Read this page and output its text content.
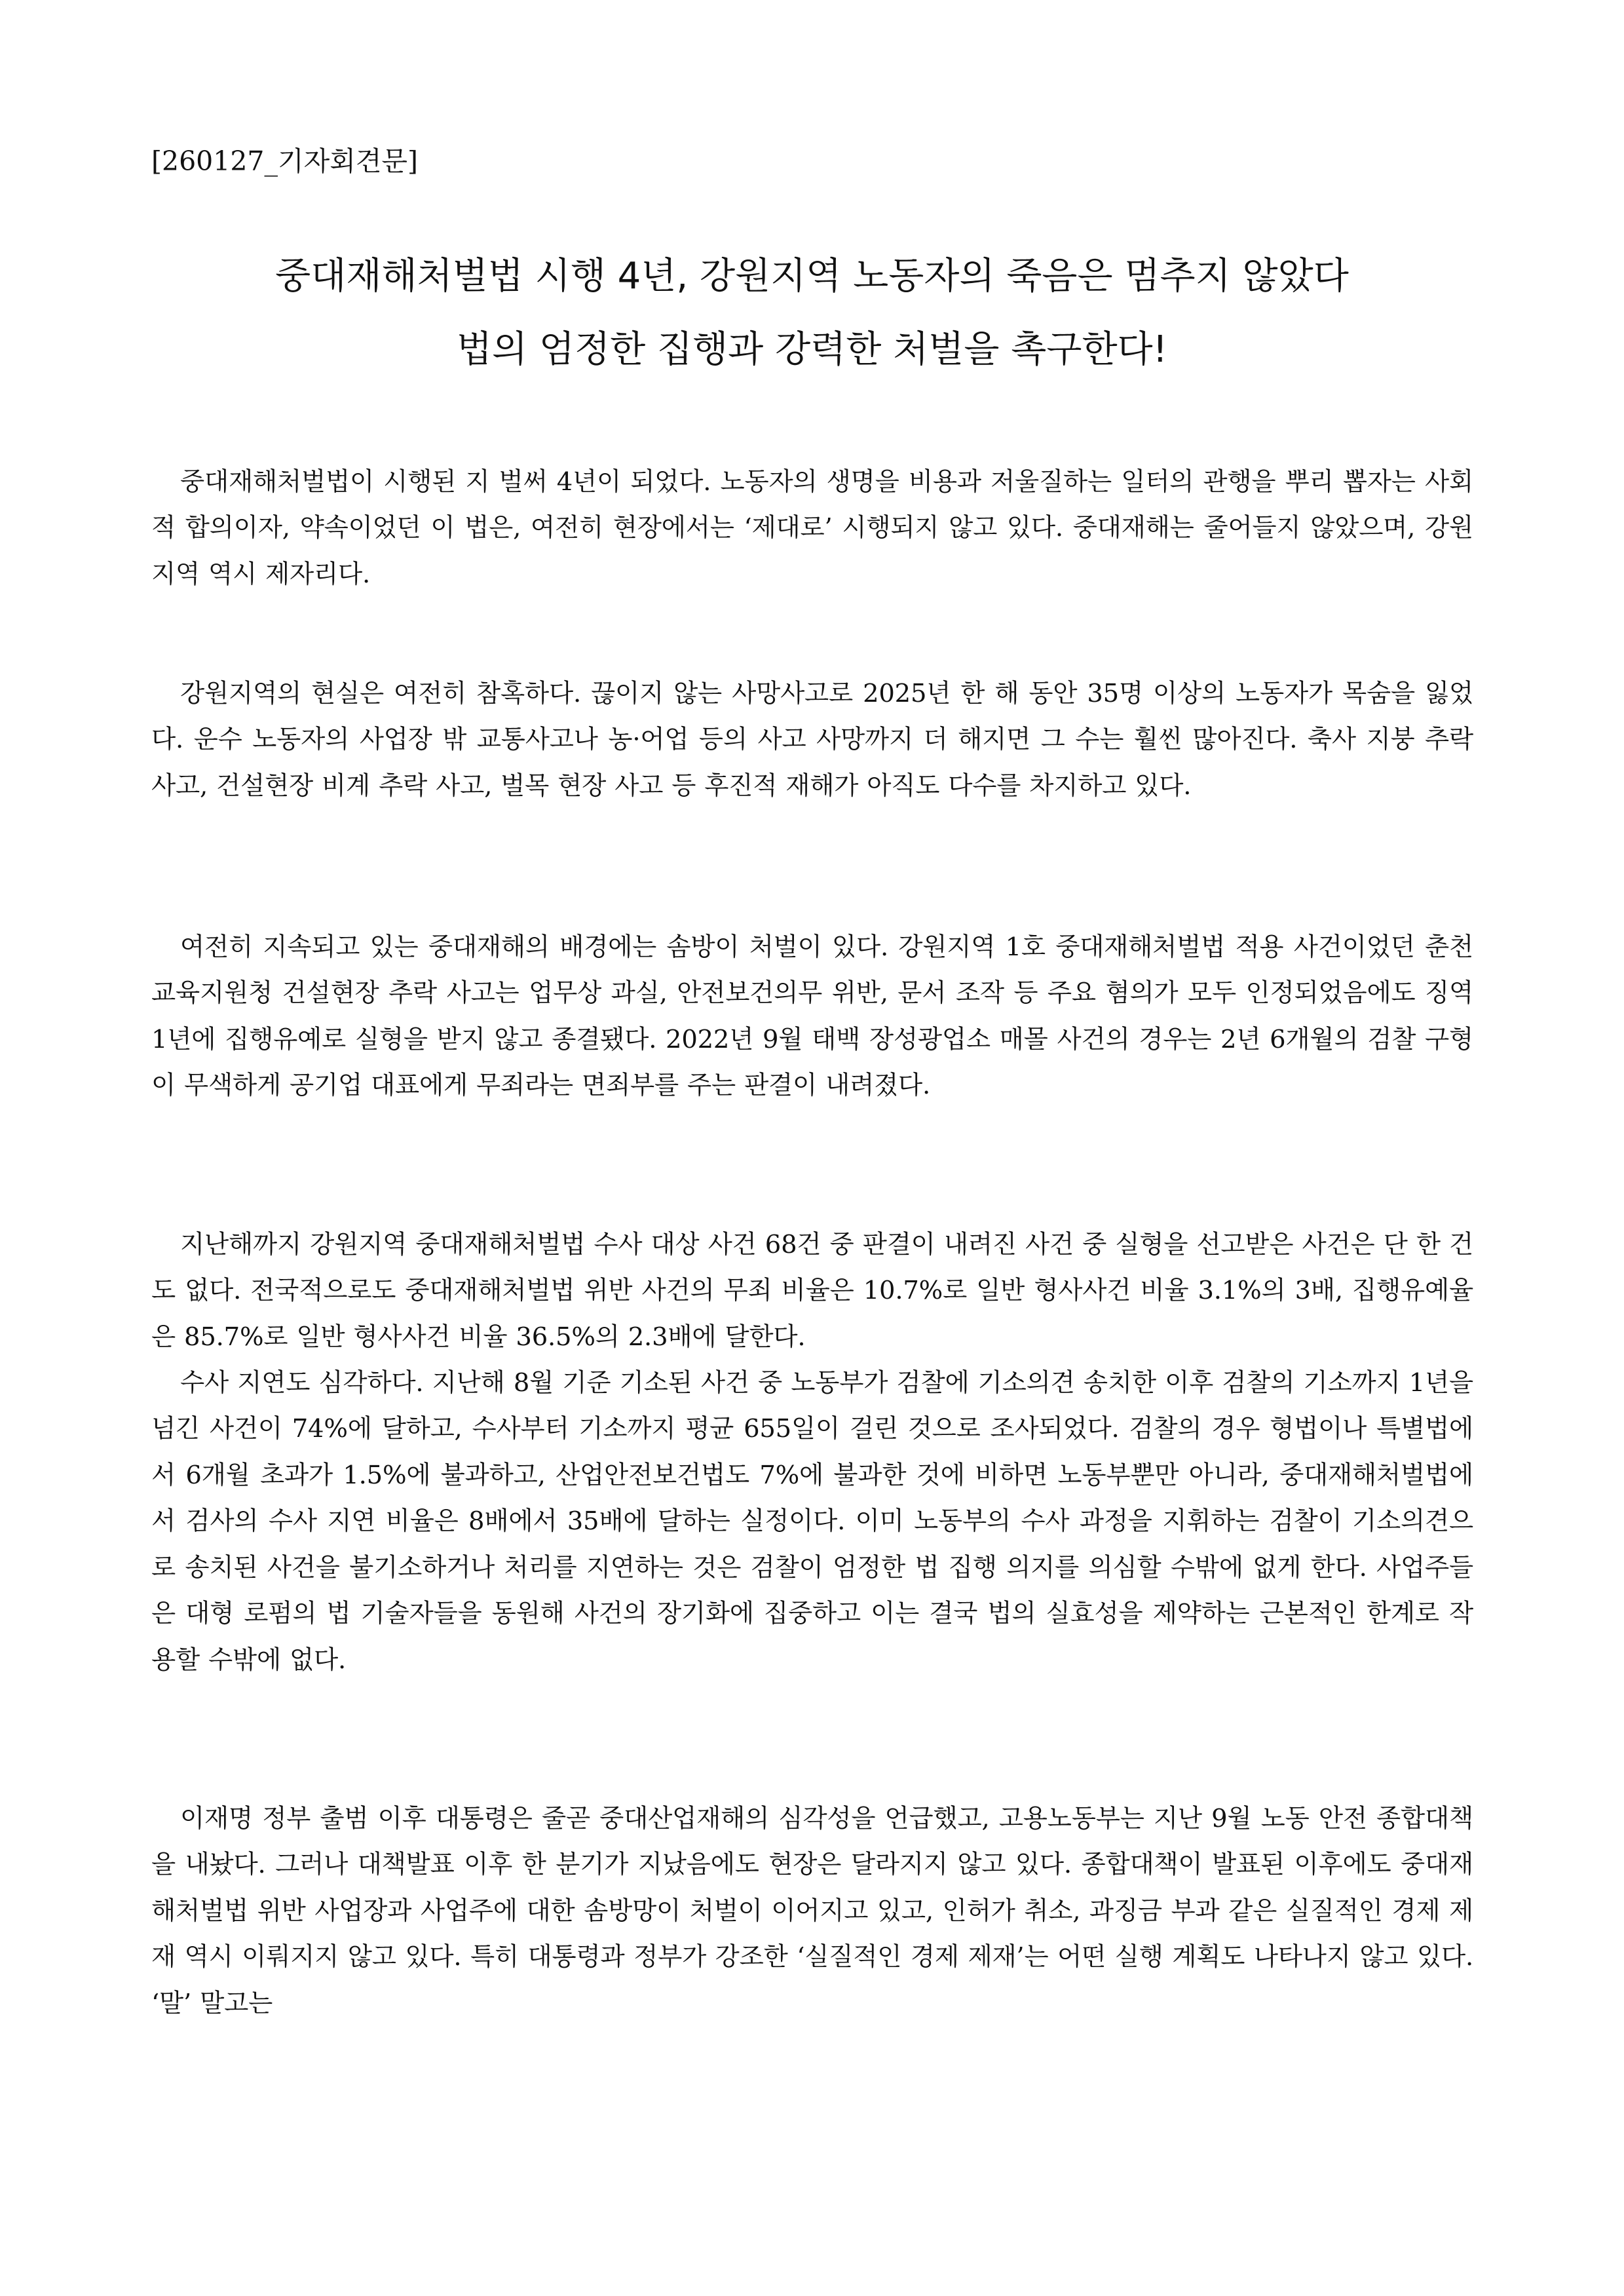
[260127_기자회견문]
중대재해처벌법 시행 4년, 강원지역 노동자의 죽음은 멈추지 않았다
법의 엄정한 집행과 강력한 처벌을 촉구한다!

중대재해처벌법이 시행된 지 벌써 4년이 되었다. 노동자의 생명을 비용과 저울질하는 일터의 관행을 뿌리 뽑자는 사회적 합의이자, 약속이었던 이 법은, 여전히 현장에서는 ‘제대로’ 시행되지 않고 있다. 중대재해는 줄어들지 않았으며, 강원지역 역시 제자리다.

강원지역의 현실은 여전히 참혹하다. 끊이지 않는 사망사고로 2025년 한 해 동안 35명 이상의 노동자가 목숨을 잃었다. 운수 노동자의 사업장 밖 교통사고나 농·어업 등의 사고 사망까지 더 해지면 그 수는 훨씬 많아진다. 축사 지붕 추락 사고, 건설현장 비계 추락 사고, 벌목 현장 사고 등 후진적 재해가 아직도 다수를 차지하고 있다.

여전히 지속되고 있는 중대재해의 배경에는 솜방이 처벌이 있다. 강원지역 1호 중대재해처벌법 적용 사건이었던 춘천교육지원청 건설현장 추락 사고는 업무상 과실, 안전보건의무 위반, 문서 조작 등 주요 혐의가 모두 인정되었음에도 징역 1년에 집행유예로 실형을 받지 않고 종결됐다. 2022년 9월 태백 장성광업소 매몰 사건의 경우는 2년 6개월의 검찰 구형이 무색하게 공기업 대표에게 무죄라는 면죄부를 주는 판결이 내려졌다.

지난해까지 강원지역 중대재해처벌법 수사 대상 사건 68건 중 판결이 내려진 사건 중 실형을 선고받은 사건은 단 한 건도 없다. 전국적으로도 중대재해처벌법 위반 사건의 무죄 비율은 10.7%로 일반 형사사건 비율 3.1%의 3배, 집행유예율은 85.7%로 일반 형사사건 비율 36.5%의 2.3배에 달한다.

수사 지연도 심각하다. 지난해 8월 기준 기소된 사건 중 노동부가 검찰에 기소의견 송치한 이후 검찰의 기소까지 1년을 넘긴 사건이 74%에 달하고, 수사부터 기소까지 평균 655일이 걸린 것으로 조사되었다. 검찰의 경우 형법이나 특별법에서 6개월 초과가 1.5%에 불과하고, 산업안전보건법도 7%에 불과한 것에 비하면 노동부뿐만 아니라, 중대재해처벌법에서 검사의 수사 지연 비율은 8배에서 35배에 달하는 실정이다. 이미 노동부의 수사 과정을 지휘하는 검찰이 기소의견으로 송치된 사건을 불기소하거나 처리를 지연하는 것은 검찰이 엄정한 법 집행 의지를 의심할 수밖에 없게 한다. 사업주들은 대형 로펌의 법 기술자들을 동원해 사건의 장기화에 집중하고 이는 결국 법의 실효성을 제약하는 근본적인 한계로 작용할 수밖에 없다.

이재명 정부 출범 이후 대통령은 줄곧 중대산업재해의 심각성을 언급했고, 고용노동부는 지난 9월 노동 안전 종합대책을 내놨다. 그러나 대책발표 이후 한 분기가 지났음에도 현장은 달라지지 않고 있다. 종합대책이 발표된 이후에도 중대재해처벌법 위반 사업장과 사업주에 대한 솜방망이 처벌이 이어지고 있고, 인허가 취소, 과징금 부과 같은 실질적인 경제 제재 역시 이뤄지지 않고 있다. 특히 대통령과 정부가 강조한 ‘실질적인 경제 제재’는 어떤 실행 계획도 나타나지 않고 있다. ‘말’ 말고는
